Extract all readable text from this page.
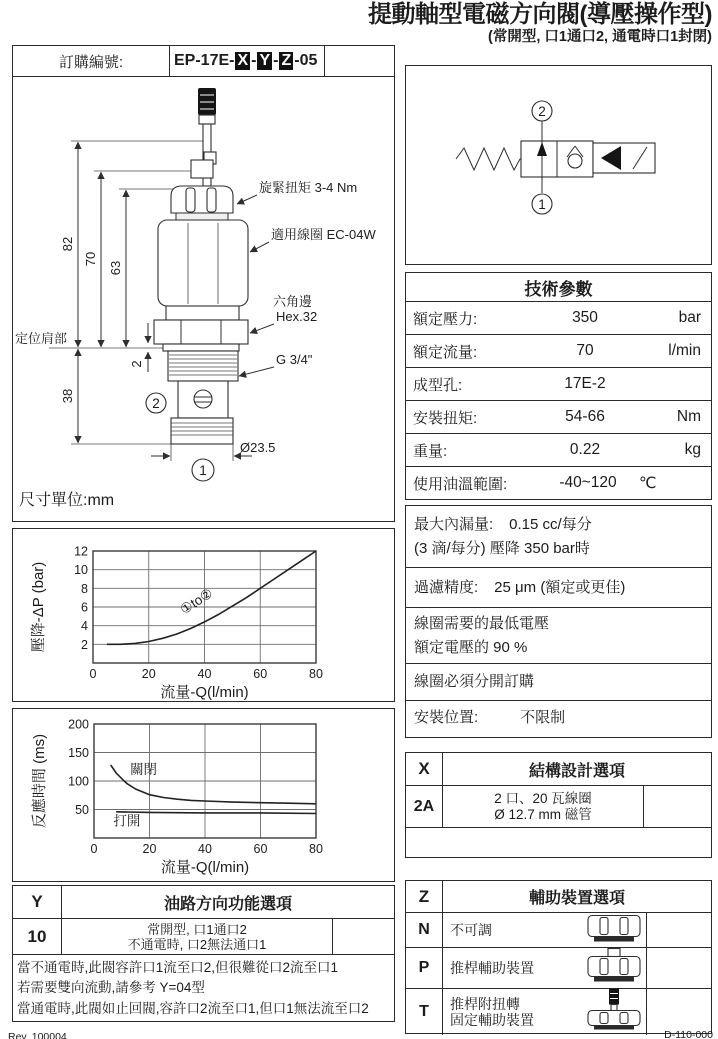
提動軸型電磁方向閥(導壓操作型)
(常開型, 口1通口2, 通電時口1封閉)
訂購編號:	EP-17E- X - Y - Z -05
82
70
63
38
2
定位肩部
旋緊扭矩 3-4 Nm
適用線圈 EC-04W
六角邊
Hex.32
G 3/4"
2
1
Ø23.5
尺寸單位:mm
0	20	40	60	80
2
4
6
8
10
12
流量-Q(l/min)
壓降-ΔP (bar)	①to②
0	20	40	60	80
50
100
150
200
流量-Q(l/min)
反應時間 (ms)	關閉
打開
Y	油路方向功能選項
10	常開型, 口1通口2
不通電時, 口2無法通口1
當不通電時,此閥容許口1流至口2,但很難從口2流至口1
若需要雙向流動,請參考 Y=04型
當通電時,此閥如止回閥,容許口2流至口1,但口1無法流至口2
2
1
技術參數
額定壓力:	350	bar
額定流量:	70	l/min
成型孔:	17E-2
安裝扭矩:	54-66	Nm
重量:	0.22	kg
使用油溫範圍:	-40~120	℃
最大內漏量: 0.15 cc/每分
(3 滴/每分) 壓降 350 bar時
過濾精度: 25 μm (額定或更佳)
線圈需要的最低電壓
額定電壓的 90 %
線圈必須分開訂購
安裝位置:	不限制
X	結構設計選項
2A	2 口、20 瓦線圈
Ø 12.7 mm 磁管
Z	輔助裝置選項
N	不可調
P	推桿輔助裝置
T	推桿附扭轉
固定輔助裝置
Rev. 100004	D-110-000
